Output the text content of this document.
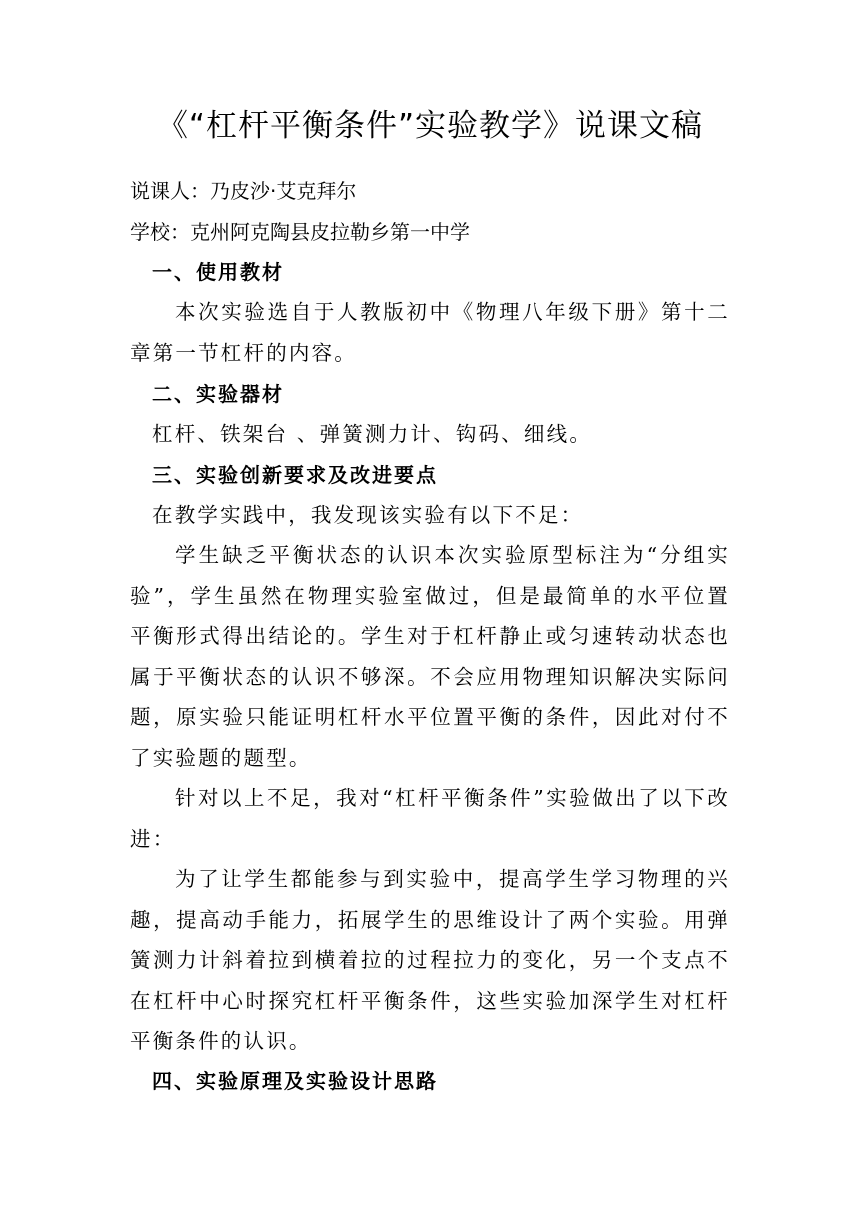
《“杠杆平衡条件”实验教学》说课文稿
说课人：乃皮沙·艾克拜尔
学校：克州阿克陶县皮拉勒乡第一中学
一、使用教材
本次实验选自于人教版初中《物理八年级下册》第十二章第一节杠杆的内容。
二、实验器材
杠杆、铁架台 、弹簧测力计、钩码、细线。
三、实验创新要求及改进要点
在教学实践中，我发现该实验有以下不足：
学生缺乏平衡状态的认识本次实验原型标注为“分组实验”，学生虽然在物理实验室做过，但是最简单的水平位置平衡形式得出结论的。学生对于杠杆静止或匀速转动状态也属于平衡状态的认识不够深。不会应用物理知识解决实际问题，原实验只能证明杠杆水平位置平衡的条件，因此对付不了实验题的题型。
针对以上不足，我对“杠杆平衡条件”实验做出了以下改进：
为了让学生都能参与到实验中，提高学生学习物理的兴趣，提高动手能力，拓展学生的思维设计了两个实验。用弹簧测力计斜着拉到横着拉的过程拉力的变化，另一个支点不在杠杆中心时探究杠杆平衡条件，这些实验加深学生对杠杆平衡条件的认识。
四、实验原理及实验设计思路
